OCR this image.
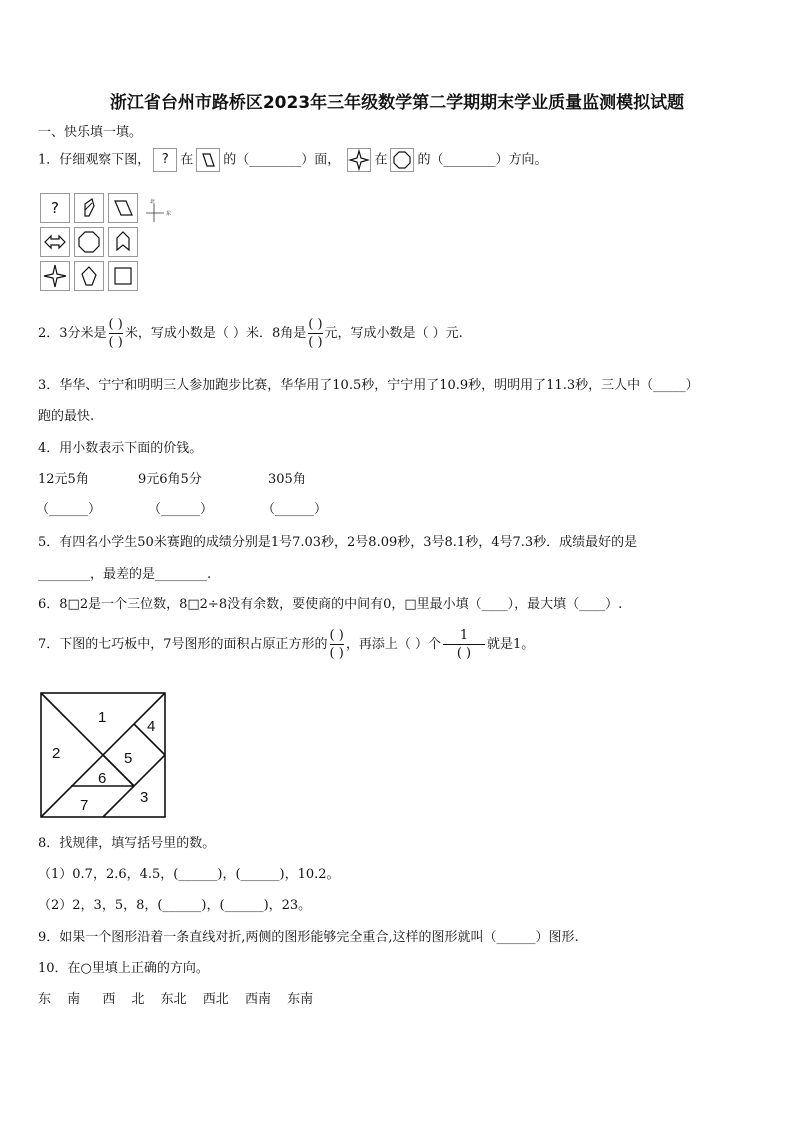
浙江省台州市路桥区2023年三年级数学第二学期期末学业质量监测模拟试题
一、快乐填一填。
1．仔细观察下图， ? 在 的（________）面，	在 的（________）方向。
?	北
东
2．3分米是 $\frac{( )}{( )}$ 米，写成小数是（ ）米．8角是 $\frac{( )}{( )}$ 元，写成小数是（ ）元.
3．华华、宁宁和明明三人参加跑步比赛，华华用了10.5秒，宁宁用了10.9秒，明明用了11.3秒，三人中（_____）
跑的最快.
4．用小数表示下面的价钱。
12元5角	9元6角5分	305角
（______）	（______）	（______）
5．有四名小学生50米赛跑的成绩分别是1号7.03秒，2号8.09秒，3号8.1秒，4号7.3秒．成绩最好的是
________，最差的是________.
6．8□2是一个三位数，8□2÷8没有余数，要使商的中间有0，□里最小填（____），最大填（____）.
7．下图的七巧板中，7号图形的面积占原正方形的 $\frac{( )}{( )}$ ，再添上（ ）个 $\frac{1}{( )}$ 就是1。
1
2
3
4
5
6
7
8．找规律，填写括号里的数。
（1）0.7，2.6，4.5，(______)，(______)，10.2。
（2）2，3，5，8，(______)，(______)，23。
9．如果一个图形沿着一条直线对折,两侧的图形能够完全重合,这样的图形就叫（______）图形.
10．在○里填上正确的方向。
东 南 西 北 东北 西北 西南 东南
